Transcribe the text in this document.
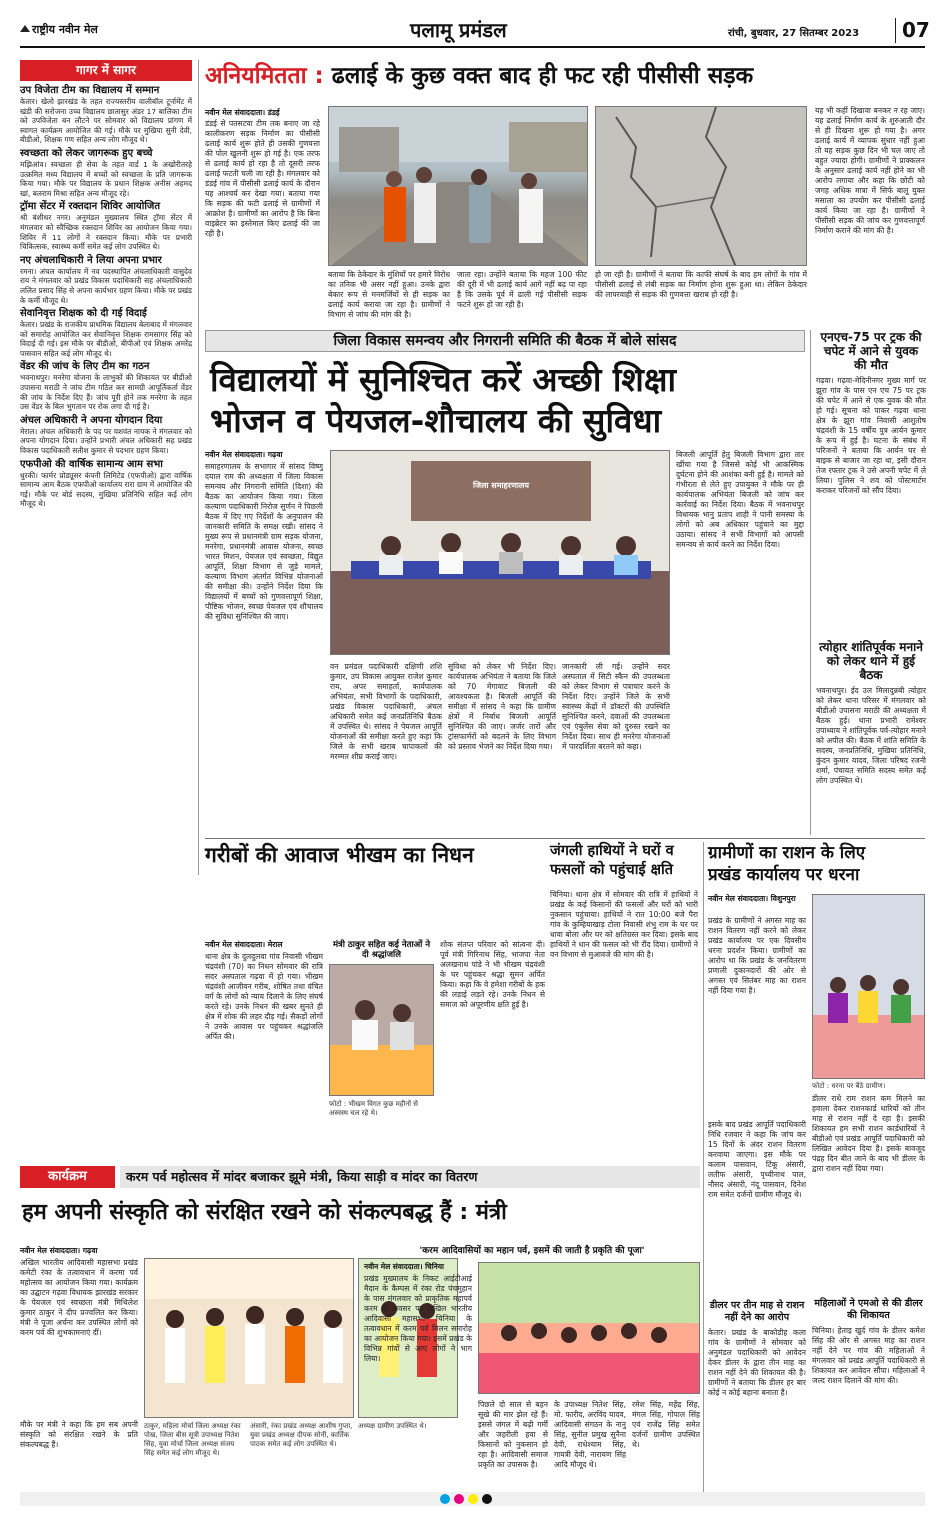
राष्ट्रीय नवीन मेल	पलामू प्रमंडल	रांची, बुधवार, 27 सितम्बर 2023	07
गागर में सागर
उप विजेता टीम का विद्यालय में सम्मान
केतार। खेलो झारखंड के तहत राज्यस्तरीय वालीबॉल टूर्नामेंट में खंडी की सरोजना उच्च विद्यालय छातासुर अंडर 17 बालिका टीम को उपविजेता बन लौटने पर सोमवार को विद्यालय प्रांगण में स्वागत कार्यक्रम आयोजित की गई। मौके पर मुखिया सुनी देवी, बीडीओ, शिक्षक गण सहित अन्य लोग मौजूद थे।
स्वच्छता को लेकर जागरूक हुए बच्चे
मझिआंव। स्वच्छता ही सेवा के तहत वार्ड 1 के अखोरीतरहे उत्क्रमित मध्य विद्यालय में बच्चों को स्वच्छता के प्रति जागरूक किया गया। मौके पर विद्यालय के प्रधान शिक्षक अनीस अहमद खां, बलराम मिश्रा सहित अन्य मौजूद रहे।
ट्रॉमा सेंटर में रक्तदान शिविर आयोजित
श्री बंशीधर नगर। अनुमंडल मुख्यालय स्थित ट्रॉमा सेंटर में मंगलवार को स्वैच्छिक रक्तदान शिविर का आयोजन किया गया। शिविर में 11 लोगों ने रक्तदान किया। मौके पर प्रभारी चिकित्सक, स्वास्थ्य कर्मी समेत कई लोग उपस्थित थे।
नए अंचलाधिकारी ने लिया अपना प्रभार
रमना। अंचल कार्यालय में नव पदस्थापित अंचलाधिकारी वासुदेव राय ने मंगलवार को प्रखंड विकास पदाधिकारी सह अंचलाधिकारी ललित प्रसाद सिंह से अपना कार्यभार ग्रहण किया। मौके पर प्रखंड के कर्मी मौजूद थे।
सेवानिवृत्त शिक्षक को दी गई विदाई
केतार। प्रखंड के राजकीय प्राथमिक विद्यालय बेलाबाद में मंगलवार को समारोह आयोजित कर सेवानिवृत्त शिक्षक रामसागर सिंह को विदाई दी गई। इस मौके पर बीडीओ, बीपीओ एवं शिक्षक अमरेंद्र पासवान सहित कई लोग मौजूद थे।
वेंडर की जांच के लिए टीम का गठन
भवनाथपुर। मनरेगा योजना के लाभुकों की शिकायत पर बीडीओ उपासना मराठी ने जांच टीम गठित कर सामग्री आपूर्तिकर्ता वेंडर की जांच के निर्देश दिए हैं। जांच पूरी होने तक मनरेगा के तहत उस वेंडर के बिल भुगतान पर रोक लगा दी गई है।
अंचल अधिकारी ने अपना योगदान दिया
मेराल। अंचल अधिकारी के पद पर यशवंत नायक ने मंगलवार को अपना योगदान दिया। उन्होंने प्रभारी अंचल अधिकारी सह प्रखंड विकास पदाधिकारी सतीश कुमार से पदभार ग्रहण किया।
एफपीओ की वार्षिक सामान्य आम सभा
धुरकी। फार्मर प्रोड्यूसर कंपनी लिमिटेड (एफपीओ) द्वारा वार्षिक सामान्य आम बैठक एफपीओ कार्यालय रारा ग्राम में आयोजित की गई। मौके पर बोर्ड सदस्य, मुखिया प्रतिनिधि सहित कई लोग मौजूद थे।
अनियमितता : ढलाई के कुछ वक्त बाद ही फट रही पीसीसी सड़क
नवीन मेल संवाददाता। डंडई
डंडई से पतसटवा टीम तक बनाए जा रहे कालीकरण सड़क निर्माण का पीसीसी ढलाई कार्य शुरू होते ही उसकी गुणवत्ता की पोल खुलनी शुरू हो गई है। एक तरफ से ढलाई कार्य हो रहा है तो दूसरी तरफ ढलाई फटती चली जा रही है। मंगलवार को डंडई गांव में पीसीसी ढलाई कार्य के दौरान यह आश्चर्य कर देखा गया। बताया गया कि सड़क की फटी ढलाई से ग्रामीणों में आक्रोश है। ग्रामीणों का आरोप है कि बिना वाइब्रेटर का इस्तेमाल किए ढलाई की जा रही है।
बताया कि ठेकेदार के मुंशियों पर हमारे विरोध का तनिक भी असर नहीं हुआ। उनके द्वारा बेकार रूप से मनमर्जियों से ही सड़क का ढलाई कार्य कराया जा रहा है। ग्रामीणों ने विभाग से जांच की मांग की है।
जाता रहा। उन्होंने बताया कि महज 100 फीट की दूरी में भी ढलाई कार्य आगे नहीं बढ़ पा रहा है कि उसके पूर्व में ढाली गई पीसीसी सड़क फटने शुरू हो जा रही है।
हो जा रही है। ग्रामीणों ने बताया कि काफी संघर्ष के बाद हम लोगों के गांव में पीसीसी ढलाई से लंबी सड़क का निर्माण होना शुरू हुआ था। लेकिन ठेकेदार की लापरवाही से सड़क की गुणवत्ता खराब हो रही है।
यह भी कहीं दिखावा बनकर न रह जाए। यह ढलाई निर्माण कार्य के शुरुआती दौर से ही दिखना शुरू हो गया है। अगर ढलाई कार्य में व्यापक सुधार नहीं हुआ तो यह सड़क कुछ दिन भी चल जाए तो बहुत ज्यादा होगी। ग्रामीणों ने प्राक्कलन के अनुसार ढलाई कार्य नहीं होने का भी आरोप लगाया और कहा कि छोटी को जगह अधिक मात्रा में सिर्फ बालू युक्त मसाला का उपयोग कर पीसीसी ढलाई कार्य किया जा रहा है। ग्रामीणों ने पीसीसी सड़क की जांच कर गुणवत्तापूर्ण निर्माण कराने की मांग की है।
जिला विकास समन्वय और निगरानी समिति की बैठक में बोले सांसद
विद्यालयों में सुनिश्चित करें अच्छी शिक्षा
भोजन व पेयजल-शौचालय की सुविधा
नवीन मेल संवाददाता। गढ़वा
समाहरणालय के सभागार में सांसद विष्णु दयाल राम की अध्यक्षता में जिला विकास समन्वय और निगरानी समिति (दिशा) की बैठक का आयोजन किया गया। जिला कल्याण पदाधिकारी निरोज सुर्णन ने पिछली बैठक में दिए गए निर्देशों के अनुपालन की जानकारी समिति के समक्ष रखी। सांसद ने मुख्य रूप से प्रधानमंत्री ग्राम सड़क योजना, मनरेगा, प्रधानमंत्री आवास योजना, स्वच्छ भारत मिशन, पेयजल एवं स्वच्छता, विद्युत आपूर्ति, शिक्षा विभाग से जुड़े मामले, कल्याण विभाग अंतर्गत विभिन्न योजनाओं की समीक्षा की। उन्होंने निर्देश दिया कि विद्यालयों में बच्चों को गुणवत्तापूर्ण शिक्षा, पौष्टिक भोजन, स्वच्छ पेयजल एवं शौचालय की सुविधा सुनिश्चित की जाए।
जिला समाहरणालय
वन प्रमंडल पदाधिकारी दक्षिणी शशि कुमार, उप विकास आयुक्त राजेश कुमार राय, अपर समाहर्ता, कार्यपालक अभियंता, सभी विभागों के पदाधिकारी, प्रखंड विकास पदाधिकारी, अंचल अधिकारी समेत कई जनप्रतिनिधि बैठक में उपस्थित थे। सांसद ने पेयजल आपूर्ति योजनाओं की समीक्षा करते हुए कहा कि जिले के सभी खराब चापाकलों की मरम्मत शीघ्र कराई जाए।
सुविधा को लेकर भी निर्देश दिए। कार्यपालक अभियंता ने बताया कि जिले को 70 मेगावाट बिजली की आवश्यकता है। बिजली आपूर्ति की समीक्षा में सांसद ने कहा कि ग्रामीण क्षेत्रों में निर्बाध बिजली आपूर्ति सुनिश्चित की जाए। जर्जर तारों और ट्रांसफार्मरों को बदलने के लिए विभाग को प्रस्ताव भेजने का निर्देश दिया गया।
जानकारी ली गई। उन्होंने सदर अस्पताल में सिटी स्कैन की उपलब्धता को लेकर विभाग से पत्राचार करने के निर्देश दिए। उन्होंने जिले के सभी स्वास्थ्य केंद्रों में डॉक्टरों की उपस्थिति सुनिश्चित करने, दवाओं की उपलब्धता एवं एंबुलेंस सेवा को दुरुस्त रखने का निर्देश दिया। साथ ही मनरेगा योजनाओं में पारदर्शिता बरतने को कहा।
बिजली आपूर्ति हेतु बिजली विभाग द्वारा तार खींचा गया है जिससे कोई भी आकस्मिक दुर्घटना होने की आशंका बनी हुई है। मामले को गंभीरता से लेते हुए उपायुक्त ने मौके पर ही कार्यपालक अभियंता बिजली को जांच कर कार्रवाई का निर्देश दिया। बैठक में भवनाथपुर विधायक भानु प्रताप शाही ने पानी समस्या के लोगों को अब अधिकार पहुंचाने का मुद्दा उठाया। सांसद ने सभी विभागों को आपसी समन्वय से कार्य करने का निर्देश दिया।
एनएच-75 पर ट्रक की चपेट में आने से युवक की मौत
गढ़वा। गढ़वा-मेदिनीनगर मुख्य मार्ग पर झूरा गांव के पास एन एच 75 पर ट्रक की चपेट में आने से एक युवक की मौत हो गई। सूचना को पाकर गढ़वा थाना क्षेत्र के झूरा गांव निवासी आशुतोष चंद्रवंशी के 15 वर्षीय पुत्र आर्यन कुमार के रूप में हुई है। घटना के संबंध में परिजनों ने बताया कि आर्यन घर से बाइक से बाजार जा रहा था, इसी दौरान तेज रफ्तार ट्रक ने उसे अपनी चपेट में ले लिया। पुलिस ने शव को पोस्टमार्टम कराकर परिजनों को सौंप दिया।
त्योहार शांतिपूर्वक मनाने को लेकर थाने में हुई बैठक
भवनाथपुर। ईद उल मिलादुन्नबी त्योहार को लेकर थाना परिसर में मंगलवार को बीडीओ उपासना मराठी की अध्यक्षता में बैठक हुई। थाना प्रभारी रामेश्वर उपाध्याय ने शांतिपूर्वक पर्व-त्योहार मनाने को अपील की। बैठक में शांति समिति के सदस्य, जनप्रतिनिधि, मुखिया प्रतिनिधि, कुंदन कुमार यादव, जिला परिषद रजनी शर्मा, पंचायत समिति सदस्य समेत कई लोग उपस्थित थे।
गरीबों की आवाज भीखम का निधन
नवीन मेल संवाददाता। मेराल
थाना क्षेत्र के दुलदुलवा गांव निवासी भीखम चंद्रवंशी (70) का निधन सोमवार की रात्रि सदर अस्पताल गढ़वा में हो गया। भीखम चंद्रवंशी आजीवन गरीब, शोषित तथा वंचित वर्ग के लोगों को न्याय दिलाने के लिए संघर्ष करते रहे। उनके निधन की खबर सुनते ही क्षेत्र में शोक की लहर दौड़ गई। सैकड़ों लोगों ने उनके आवास पर पहुंचकर श्रद्धांजलि अर्पित की।
मंत्री ठाकुर सहित कई नेताओं ने दी श्रद्धांजलि
फोटो : भीखम विगत कुछ महीनों से अस्वस्थ चल रहे थे।
शोक संतप्त परिवार को सांत्वना दी। पूर्व मंत्री गिरिनाथ सिंह, भाजपा नेता अलखनाथ पांडे ने भी भीखम चंद्रवंशी के घर पहुंचकर श्रद्धा सुमन अर्पित किया। कहा कि वे हमेशा गरीबों के हक की लड़ाई लड़ते रहे। उनके निधन से समाज को अपूरणीय क्षति हुई है।
जंगली हाथियों ने घरों व
फसलों को पहुंचाई क्षति
चिनिया। थाना क्षेत्र में सोमवार की रात्रि में हाथियों ने प्रखंड के कई किसानों की फसलों और घरों को भारी नुकसान पहुंचाया। हाथियों ने रात 10:00 बजे पैरा गांव के कुम्हियाखाड़ टोला निवासी शंभु राम के घर पर धावा बोला और घर को क्षतिग्रस्त कर दिया। इसके बाद हाथियों ने धान की फसल को भी रौंद दिया। ग्रामीणों ने वन विभाग से मुआवजे की मांग की है।
ग्रामीणों का राशन के लिए
प्रखंड कार्यालय पर धरना
नवीन मेल संवाददाता। विशुनपुरा
प्रखंड के ग्रामीणों ने अगस्त माह का राशन वितरण नहीं करने को लेकर प्रखंड कार्यालय पर एक दिवसीय धरना प्रदर्शन किया। ग्रामीणों का आरोप था कि प्रखंड के जनवितरण प्रणाली दुकानदारों की ओर से अगस्त एवं सितंबर माह का राशन नहीं दिया गया है।
फोटो : धरना पर बैठे ग्रामीण।
डीलर राधे राम राशन कम मिलने का हवाला देकर राशनकार्ड धारियों को तीन माह से राशन नहीं दे रहा है। इसकी शिकायत हम सभी राशन कार्डधारियों ने बीडीओ एवं प्रखंड आपूर्ति पदाधिकारी को लिखित आवेदन दिया है। इसके बावजूद पंद्रह दिन बीत जाने के बाद भी डीलर के द्वारा राशन नहीं दिया गया।
इसके बाद प्रखंड आपूर्ति पदाधिकारी निधि रजवार ने कहा कि जांच कर 15 दिनों के अंदर राशन वितरण करवाया जाएगा। इस मौके पर कलाम पासवान, टिंकू अंसारी, लतीफ अंसारी, पृथ्वीनाथ पाल, नौसद अंसारी, नंदू पासवान, दिनेश राम समेत दर्जनों ग्रामीण मौजूद थे।
महिलाओं ने एमओ से की डीलर की शिकायत
चिनिया। हेताइ खुर्द गांव के डीलर कमेश सिंह की ओर से अगस्त माह का राशन नहीं देने पर गांव की महिलाओं ने मंगलवार को प्रखंड आपूर्ति पदाधिकारी से शिकायत कर आवेदन सौंपा। महिलाओं ने जल्द राशन दिलाने की मांग की।
डीलर पर तीन माह से राशन नहीं देने का आरोप
केतार। प्रखंड के बाकोडीह कला गांव के ग्रामीणों ने सोमवार को अनुमंडल पदाधिकारी को आवेदन देकर डीलर के द्वारा तीन माह का राशन नहीं देने की शिकायत की है। ग्रामीणों ने बताया कि डीलर हर बार कोई न कोई बहाना बनाता है।
कार्यक्रम	करम पर्व महोत्सव में मांदर बजाकर झूमे मंत्री, किया साड़ी व मांदर का वितरण
हम अपनी संस्कृति को संरक्षित रखने को संकल्पबद्ध हैं : मंत्री
नवीन मेल संवाददाता। गढ़वा
अखिल भारतीय आदिवासी महासभा प्रखंड कमेटी रंका के तत्वावधान में करमा पर्व महोत्सव का आयोजन किया गया। कार्यक्रम का उद्घाटन गढ़वा विधायक झारखंड सरकार के पेयजल एवं स्वच्छता मंत्री मिथिलेश कुमार ठाकुर ने दीप प्रज्वलित कर किया। मंत्री ने पूजा अर्चना कर उपस्थित लोगों को करम पर्व की शुभकामनाएं दीं।
मौके पर मंत्री ने कहा कि हम सब अपनी संस्कृति को संरक्षित रखने के प्रति संकल्पबद्ध हैं।
ठाकुर, महिला मोर्चा जिला अध्यक्ष रंका पोख, जिला बीस सूत्री उपाध्यक्ष नितेश सिंह, युवा मोर्चा जिला अध्यक्ष संजय सिंह समेत कई लोग मौजूद थे।
अंसारी, रंका प्रखंड अध्यक्ष आशीष गुप्ता, युवा प्रखंड अध्यक्ष दीपक सोनी, कार्तिक पाठक समेत कई लोग उपस्थित थे।
अध्यक्ष ग्रामीण उपस्थित थे।
'करम आदिवासियों का महान पर्व, इसमें की जाती है प्रकृति की पूजा'
नवीन मेल संवाददाता। चिनिया
प्रखंड मुख्यालय के निकट आईटीआई मैदान के कैम्पस में रंका रोड पंचमुहान के पास मंगलवार को प्राकृतिक महापर्व करम के अवसर पर अखिल भारतीय आदिवासी महासभा चिनिया के तत्वावधान में करम पर्व मिलन समारोह का आयोजन किया गया। इसमें प्रखंड के विभिन्न गांवों से आए लोगों ने भाग लिया।
पिछले दो साल से बहन सूखे की मार झेल रहे हैं। इससे जंगल में बढ़ी गर्मी और जहरीली हवा से किसानों को नुकसान हो रहा है। आदिवासी समाज प्रकृति का उपासक है।
के उपाध्यक्ष नितेश सिंह, मो. फारीद, अरविंद यादव, आदिवासी संगठन के नानु सिंह, सुनील प्रमुख सुनैना देवी, राधेश्याम सिंह, गायत्री देवी, नारायण सिंह आदि मौजूद थे।
रमेश सिंह, महेंद्र सिंह, मंगल सिंह, गोपाल सिंह एवं राजेंद्र सिंह समेत दर्जनों ग्रामीण उपस्थित थे।
